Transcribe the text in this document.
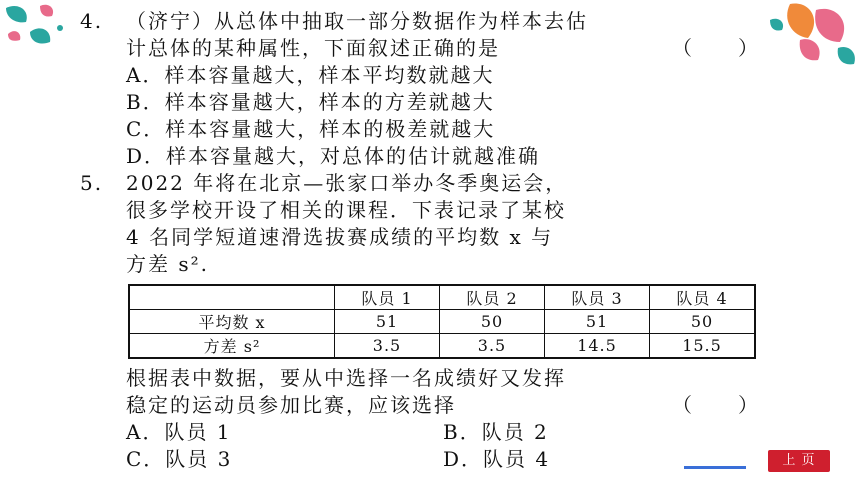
4. （济宁）从总体中抽取一部分数据作为样本去估
计总体的某种属性，下面叙述正确的是	（　　）
A．样本容量越大，样本平均数就越大
B．样本容量越大，样本的方差就越大
C．样本容量越大，样本的极差就越大
D．样本容量越大，对总体的估计就越准确
5. 2022 年将在北京—张家口举办冬季奥运会，
很多学校开设了相关的课程．下表记录了某校
4 名同学短道速滑选拔赛成绩的平均数 x 与
方差 s².
	队员 1	队员 2	队员 3	队员 4
平均数 x	51	50	51	50
方差 s²	3.5	3.5	14.5	15.5
根据表中数据，要从中选择一名成绩好又发挥
稳定的运动员参加比赛，应该选择	（　　）
A．队员 1	B．队员 2
C．队员 3	D．队员 4	上 页
